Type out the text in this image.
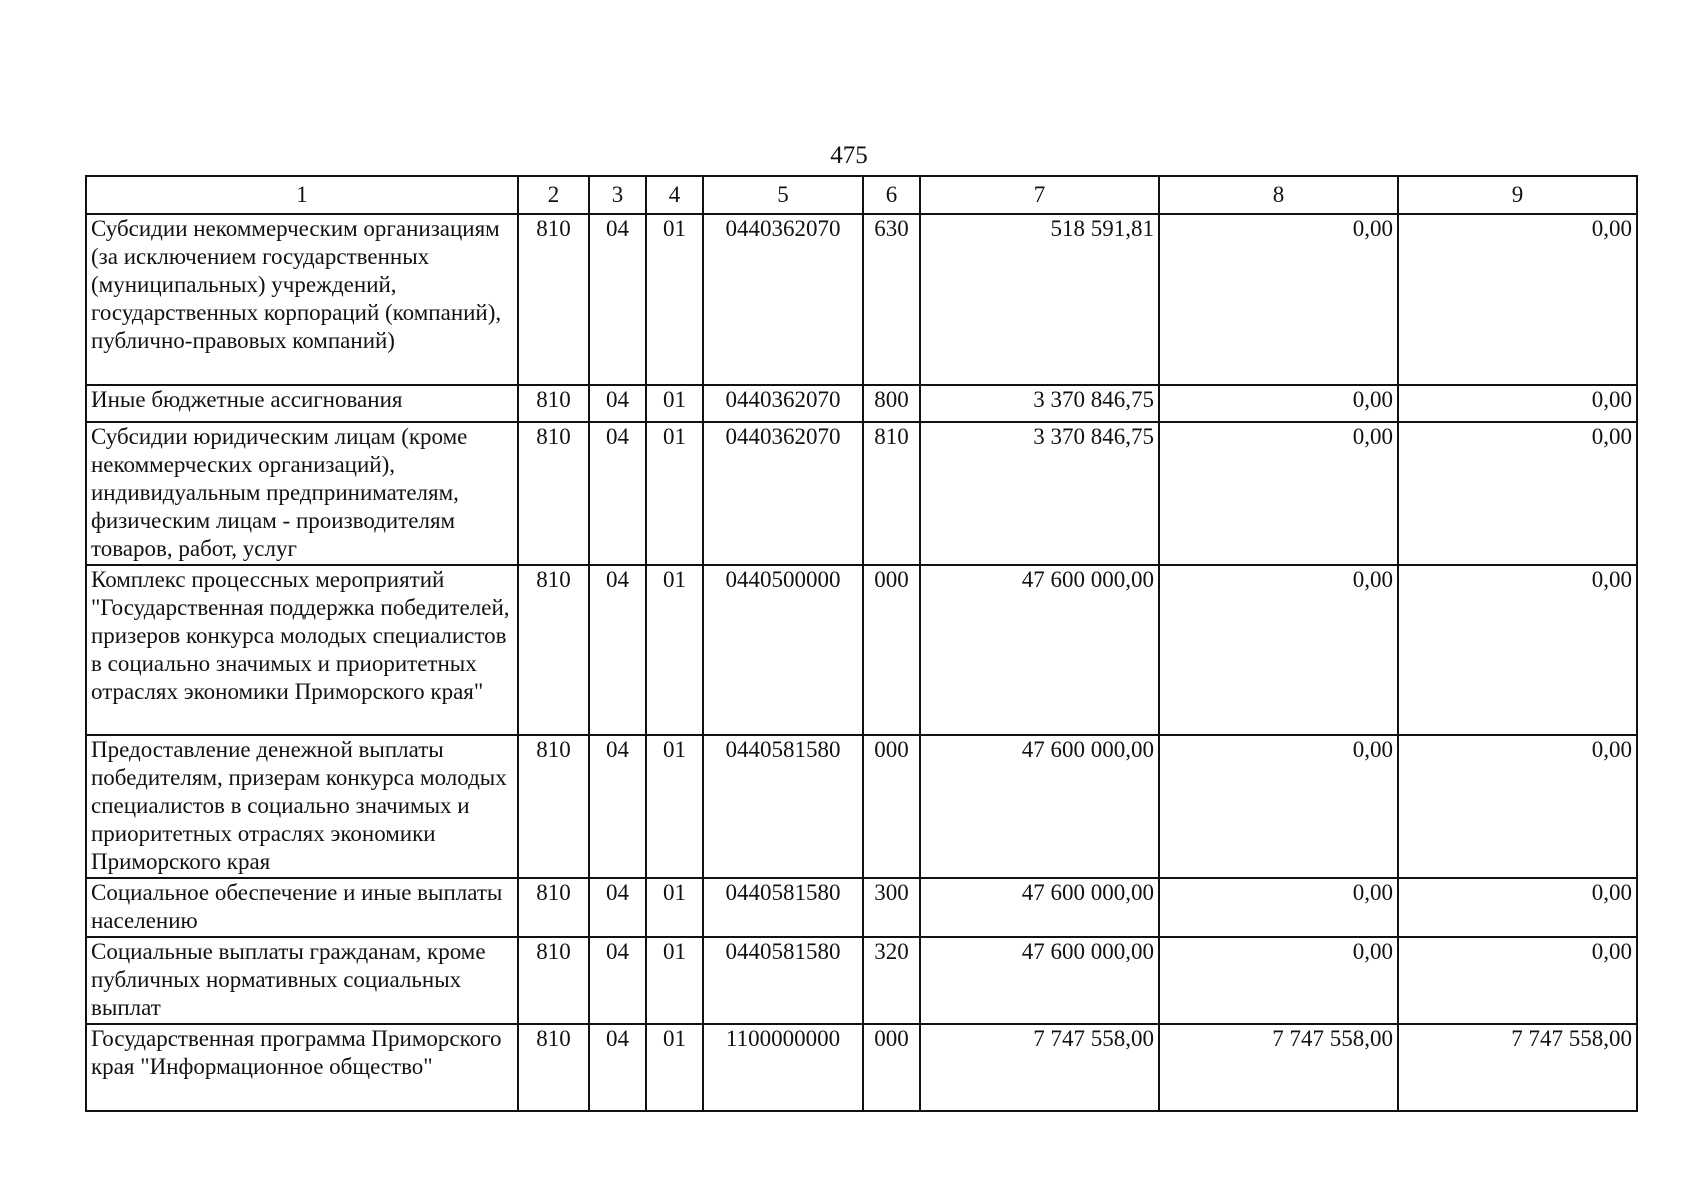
475
1	2	3	4	5	6	7	8	9
Субсидии некоммерческим организациям (за исключением государственных (муниципальных) учреждений, государственных корпораций (компаний), публично-правовых компаний)	810	04	01	0440362070	630	518 591,81	0,00	0,00
Иные бюджетные ассигнования	810	04	01	0440362070	800	3 370 846,75	0,00	0,00
Субсидии юридическим лицам (кроме некоммерческих организаций), индивидуальным предпринимателям, физическим лицам - производителям товаров, работ, услуг	810	04	01	0440362070	810	3 370 846,75	0,00	0,00
Комплекс процессных мероприятий "Государственная поддержка победителей, призеров конкурса молодых специалистов в социально значимых и приоритетных отраслях экономики Приморского края"	810	04	01	0440500000	000	47 600 000,00	0,00	0,00
Предоставление денежной выплаты победителям, призерам конкурса молодых специалистов в социально значимых и приоритетных отраслях экономики Приморского края	810	04	01	0440581580	000	47 600 000,00	0,00	0,00
Социальное обеспечение и иные выплаты населению	810	04	01	0440581580	300	47 600 000,00	0,00	0,00
Социальные выплаты гражданам, кроме публичных нормативных социальных выплат	810	04	01	0440581580	320	47 600 000,00	0,00	0,00
Государственная программа Приморского края "Информационное общество"	810	04	01	1100000000	000	7 747 558,00	7 747 558,00	7 747 558,00
